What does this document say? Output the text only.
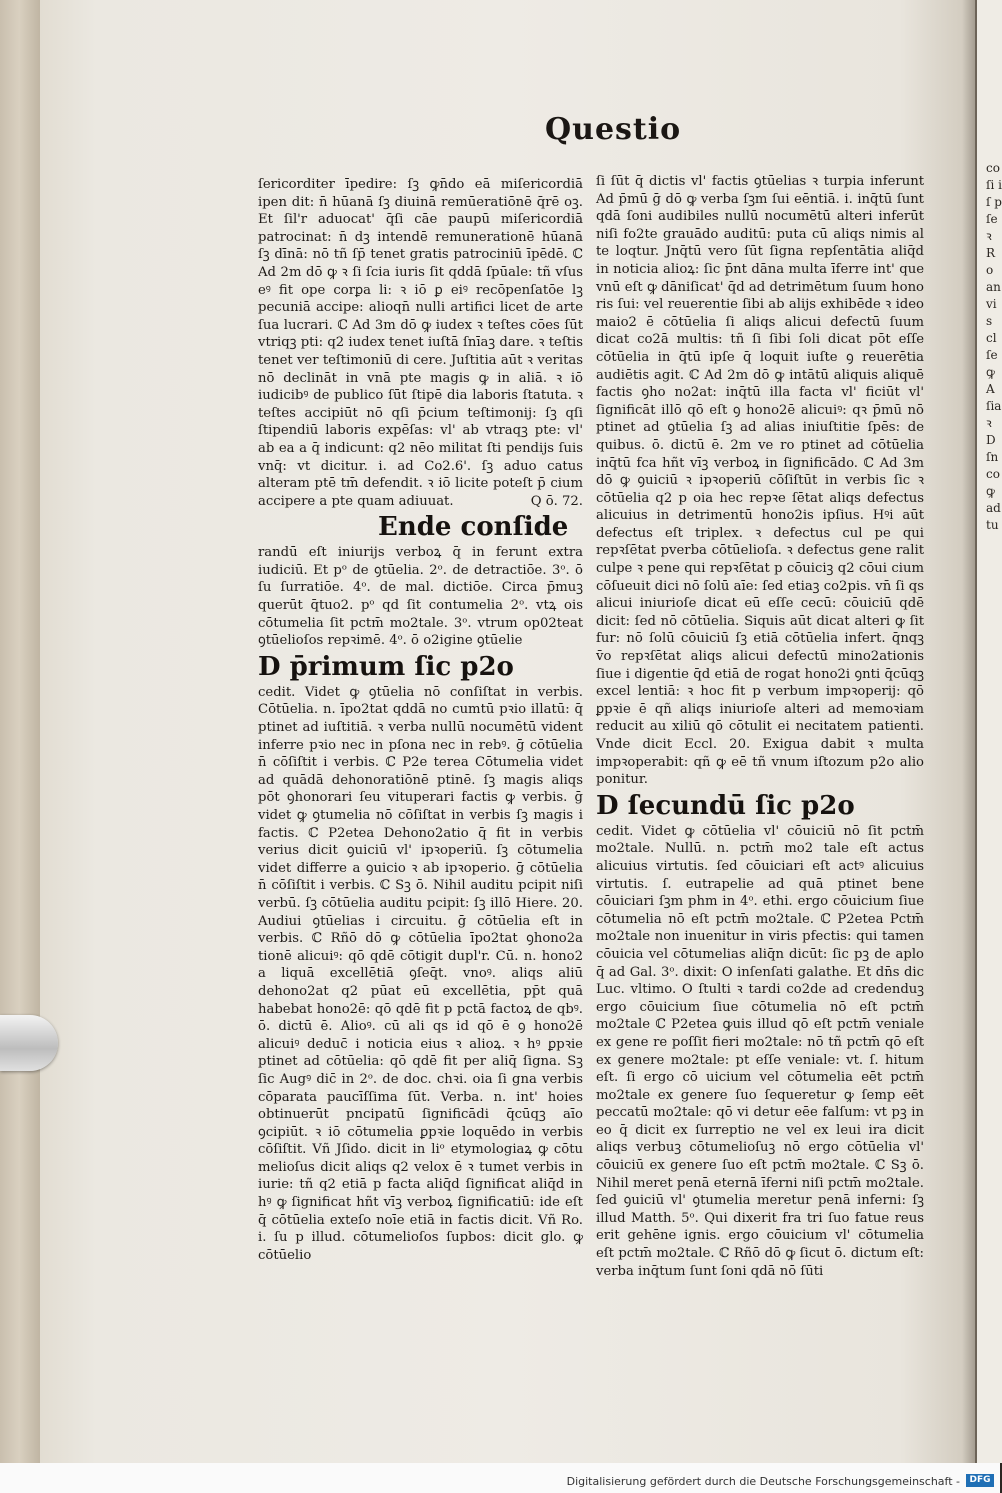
co ſi iſ p ſe ꝛ Ro an vis cl ſe ꝙ A ſia ꝛ D ſn co ꝙ ad tu
Questio

ſericorditer īpedire: ſꝫ ꝙn̄do eā miſericordiā ipen dit: n̄ hūanā ſꝫ diuinā remūeratiōnē q̄rē oꝫ. Et ſil'r aduocat' q̄ſi cāe paupū miſericordiā patrocinat: n̄ dꝫ intendē remunerationē hūanā ſꝫ dīnā: nō tñ ſp̄ tenet gratis patrociniū īpēdē. ℂ Ad 2m dō ꝙ ꝛ ſi ſcia iuris ſit qddā ſpūale: tñ vſus eꝰ fit ope corꝑa li: ꝛ iō ꝑ eiꝰ recōpenſatōe lꝫ pecuniā accipe: alioqn̄ nulli artifici licet de arte ſua lucrari. ℂ Ad 3m dō ꝙ iudex ꝛ teſtes cōes ſūt vtriqꝫ pti: q2 iudex tenet iuſtā ſnīaꝫ dare. ꝛ teſtis tenet ver teſtimoniū di cere. Juſtitia aūt ꝛ veritas nō declināt in vnā pte magis ꝙ in aliā. ꝛ iō iudicibꝰ de publico ſūt ſtipē dia laboris ſtatuta. ꝛ teſtes accipiūt nō qſi p̄cium teſtimonij: ſꝫ qſi ſtipendiū laboris expēſas: vl' ab vtraqꝫ pte: vl' ab ea a q̄ indicunt: q2 nēo militat ſti pendijs ſuis vnq̄: vt dicitur. i. ad Co2.6'. ſꝫ aduo catus alteram ptē tm̄ defendit. ꝛ iō licite poteſt p̄ cium accipere a pte quam adiuuat.	Q ō. 72.

Ende conſide

randū eſt iniurijs verboꝝ q̄ in ferunt extra iudiciū. Et pᵒ de ꝯtūelia. 2ᵒ. de detractiōe. 3ᵒ. ō ſu ſurratiōe. 4ᵒ. de mal. dictiōe. Circa p̄muꝫ querūt q̄tuo2. pᵒ qd ſit contumelia 2ᵒ. vtꝝ ois cōtumelia ſit pctm̄ mo2tale. 3ᵒ. vtrum op02teat ꝯtūelioſos repꝛimē. 4ᵒ. ō o2igine ꝯtūelie

D p̄rimum ſic p2o

cedit. Videt ꝙ ꝯtūelia nō conſiſtat in verbis. Cōtūelia. n. īpo2tat qddā no cumtū pꝛio illatū: q̄ ptinet ad iuſtitiā. ꝛ verba nullū nocumētū vident inferre pꝛio nec in pſona nec in rebꝰ. ḡ cōtūelia n̄ cōſiſtit i verbis. ℂ P2e terea Cōtumelia videt ad quādā dehonoratiōnē ptinē. ſꝫ magis aliqs pōt ꝯhonorari ſeu vituperari factis ꝙ verbis. ḡ videt ꝙ ꝯtumelia nō cōſiſtat in verbis ſꝫ magis i factis. ℂ P2etea Dehono2atio q̄ fit in verbis verius dicit ꝯuiciū vl' ipꝛoperiū. ſꝫ cōtumelia videt differre a ꝯuicio ꝛ ab ipꝛoperio. ḡ cōtūelia n̄ cōſiſtit i verbis. ℂ Sꝫ ō. Nihil auditu pcipit niſi verbū. ſꝫ cōtūelia auditu pcipit: ſꝫ illō Hiere. 20. Audiui ꝯtūelias i circuitu. ḡ cōtūelia eſt in verbis. ℂ Rñō dō ꝙ cōtūelia īpo2tat ꝯhono2a tionē alicuiꝰ: qō qdē cōtigit dupl'r. Cū. n. hono2 a liquā excellētiā ꝯſeq̄t. vnoꝰ. aliqs aliū dehono2at q2 pūat eū excellētia, pp̄t quā habebat hono2ē: qō qdē fit p pctā factoꝝ de qbꝰ. ō. dictū ē. Alioꝰ. cū ali qs id qō ē ꝯ hono2ē alicuiꝰ deduc̄ i noticia eius ꝛ alioꝝ. ꝛ hꝰ ꝑpꝛie ptinet ad cōtūelia: qō qdē fit per aliq̄ ſigna. Sꝫ ſic Augꝰ dic̄ in 2ᵒ. de doc. chꝛi. oia ſi gna verbis cōparata paucīſſima ſūt. Verba. n. int' hoies obtinuerūt pncipatū ſignificādi q̄cūqꝫ aīo ꝯcipiūt. ꝛ iō cōtumelia ꝑpꝛie loquēdo in verbis cōſiſtit. Vñ Jſido. dicit in liᵒ etymologiaꝝ ꝙ cōtu melioſus dicit aliqs q2 velox ē ꝛ tumet verbis in iurie: tñ q2 etiā p facta aliq̄d ſignificat aliq̄d in hꝰ ꝙ ſignificat hñt vīꝫ verboꝝ ſignificatiū: ide eſt q̄ cōtūelia exteſo noīe etiā in factis dicit. Vñ Ro. i. ſu p illud. cōtumelioſos ſupbos: dicit glo. ꝙ cōtūelio

ſi ſūt q̄ dictis vl' factis ꝯtūelias ꝛ turpia inferunt Ad p̄mū ḡ dō ꝙ verba ſꝫm ſui eēntiā. i. inq̄tū ſunt qdā ſoni audibiles nullū nocumētū alteri inferūt niſi fo2te grauādo auditū: puta cū aliqs nimis al te loqtur. Jnq̄tū vero ſūt ſigna repſentātia aliq̄d in noticia alioꝝ: ſic p̄nt dāna multa īferre int' que vnū eſt ꝙ dāniſicat' q̄d ad detrimētum ſuum hono ris ſui: vel reuerentie ſibi ab alijs exhibēde ꝛ ideo maio2 ē cōtūelia ſi aliqs alicui defectū ſuum dicat co2ā multis: tñ ſi ſibi ſoli dicat pōt eſſe cōtūelia in q̄tū ipſe q̄ loquit iuſte ꝯ reuerētia audiētis agit. ℂ Ad 2m dō ꝙ intātū aliquis aliquē factis ꝯho no2at: inq̄tū illa facta vl' ficiūt vl' ſignificāt illō qō eſt ꝯ hono2ē alicuiꝰ: qꝛ p̄mū nō ptinet ad ꝯtūelia ſꝫ ad alias iniuſtitie ſpēs: de quibus. ō. dictū ē. 2m ve ro ptinet ad cōtūelia inq̄tū fca hñt vīꝫ verboꝝ in ſignificādo. ℂ Ad 3m dō ꝙ ꝯuiciū ꝛ ipꝛoperiū cōſiſtūt in verbis ſic ꝛ cōtūelia q2 p oia hec repꝛe ſētat aliqs defectus alicuius in detrimentū hono2is ipſius. Hꝰi aūt defectus eſt triplex. ꝛ defectus cul pe qui repꝛſētat pverba cōtūelioſa. ꝛ defectus gene ralit culpe ꝛ pene qui repꝛſētat p cōuiciꝫ q2 cōui cium cōſueuit dici nō ſolū aīe: ſed etiaꝫ co2pis. vn̄ ſi qs alicui iniurioſe dicat eū eſſe cecū: cōuiciū qdē dicit: ſed nō cōtūelia. Siquis aūt dicat alteri ꝙ ſit fur: nō ſolū cōuiciū ſꝫ etiā cōtūelia infert. q̄nqꝫ v̄o repꝛſētat aliqs alicui defectū mino2ationis ſiue i digentie q̄d etiā de rogat hono2i ꝯnti q̄cūqꝫ excel lentiā: ꝛ hoc fit p verbum impꝛoperij: qō ꝑpꝛie ē qñ aliqs iniurioſe alteri ad memoꝛiam reducit au xiliū qō cōtulit ei necitatem patienti. Vnde dicit Eccl. 20. Exigua dabit ꝛ multa impꝛoperabit: qñ ꝙ eē tñ vnum iſtozum p2o alio ponitur.

D ſecundū ſic p2o

cedit. Videt ꝙ cōtūelia vl' cōuiciū nō ſit pctm̄ mo2tale. Nullū. n. pctm̄ mo2 tale eſt actus alicuius virtutis. ſed cōuiciari eſt actꝰ alicuius virtutis. ſ. eutrapelie ad quā ptinet bene cōuiciari ſꝫm phm in 4ᵒ. ethi. ergo cōuicium ſiue cōtumelia nō eſt pctm̄ mo2tale. ℂ P2etea Pctm̄ mo2tale non inuenitur in viris pfectis: qui tamen cōuicia vel cōtumelias aliq̄n dicūt: ſic pꝫ de aplo q̄ ad Gal. 3ᵒ. dixit: O inſenſati galathe. Et dn̄s dic Luc. vltimo. O ſtulti ꝛ tardi co2de ad credenduꝫ ergo cōuicium ſiue cōtumelia nō eſt pctm̄ mo2tale ℂ P2etea ꝙuis illud qō eſt pctm̄ veniale ex gene re poſſit fieri mo2tale: nō tñ pctm̄ qō eſt ex genere mo2tale: pt eſſe veniale: vt. ſ. hitum eſt. ſi ergo cō uicium vel cōtumelia eēt pctm̄ mo2tale ex genere ſuo ſequeretur ꝙ ſemp eēt peccatū mo2tale: qō vi detur eēe falſum: vt pꝫ in eo q̄ dicit ex ſurreptio ne vel ex leui ira dicit aliqs verbuꝫ cōtumelioſuꝫ nō ergo cōtūelia vl' cōuiciū ex genere ſuo eſt pctm̄ mo2tale. ℂ Sꝫ ō. Nihil meret penā eternā īferni niſi pctm̄ mo2tale. ſed ꝯuiciū vl' ꝯtumelia meretur penā inferni: ſꝫ illud Matth. 5ᵒ. Qui dixerit fra tri ſuo fatue reus erit gehēne ignis. ergo cōuicium vl' cōtumelia eſt pctm̄ mo2tale. ℂ Rñō dō ꝙ ſicut ō. dictum eſt: verba inq̄tum ſunt ſoni qdā nō ſūti

Digitalisierung gefördert durch die Deutsche Forschungsgemeinschaft -	DFG
